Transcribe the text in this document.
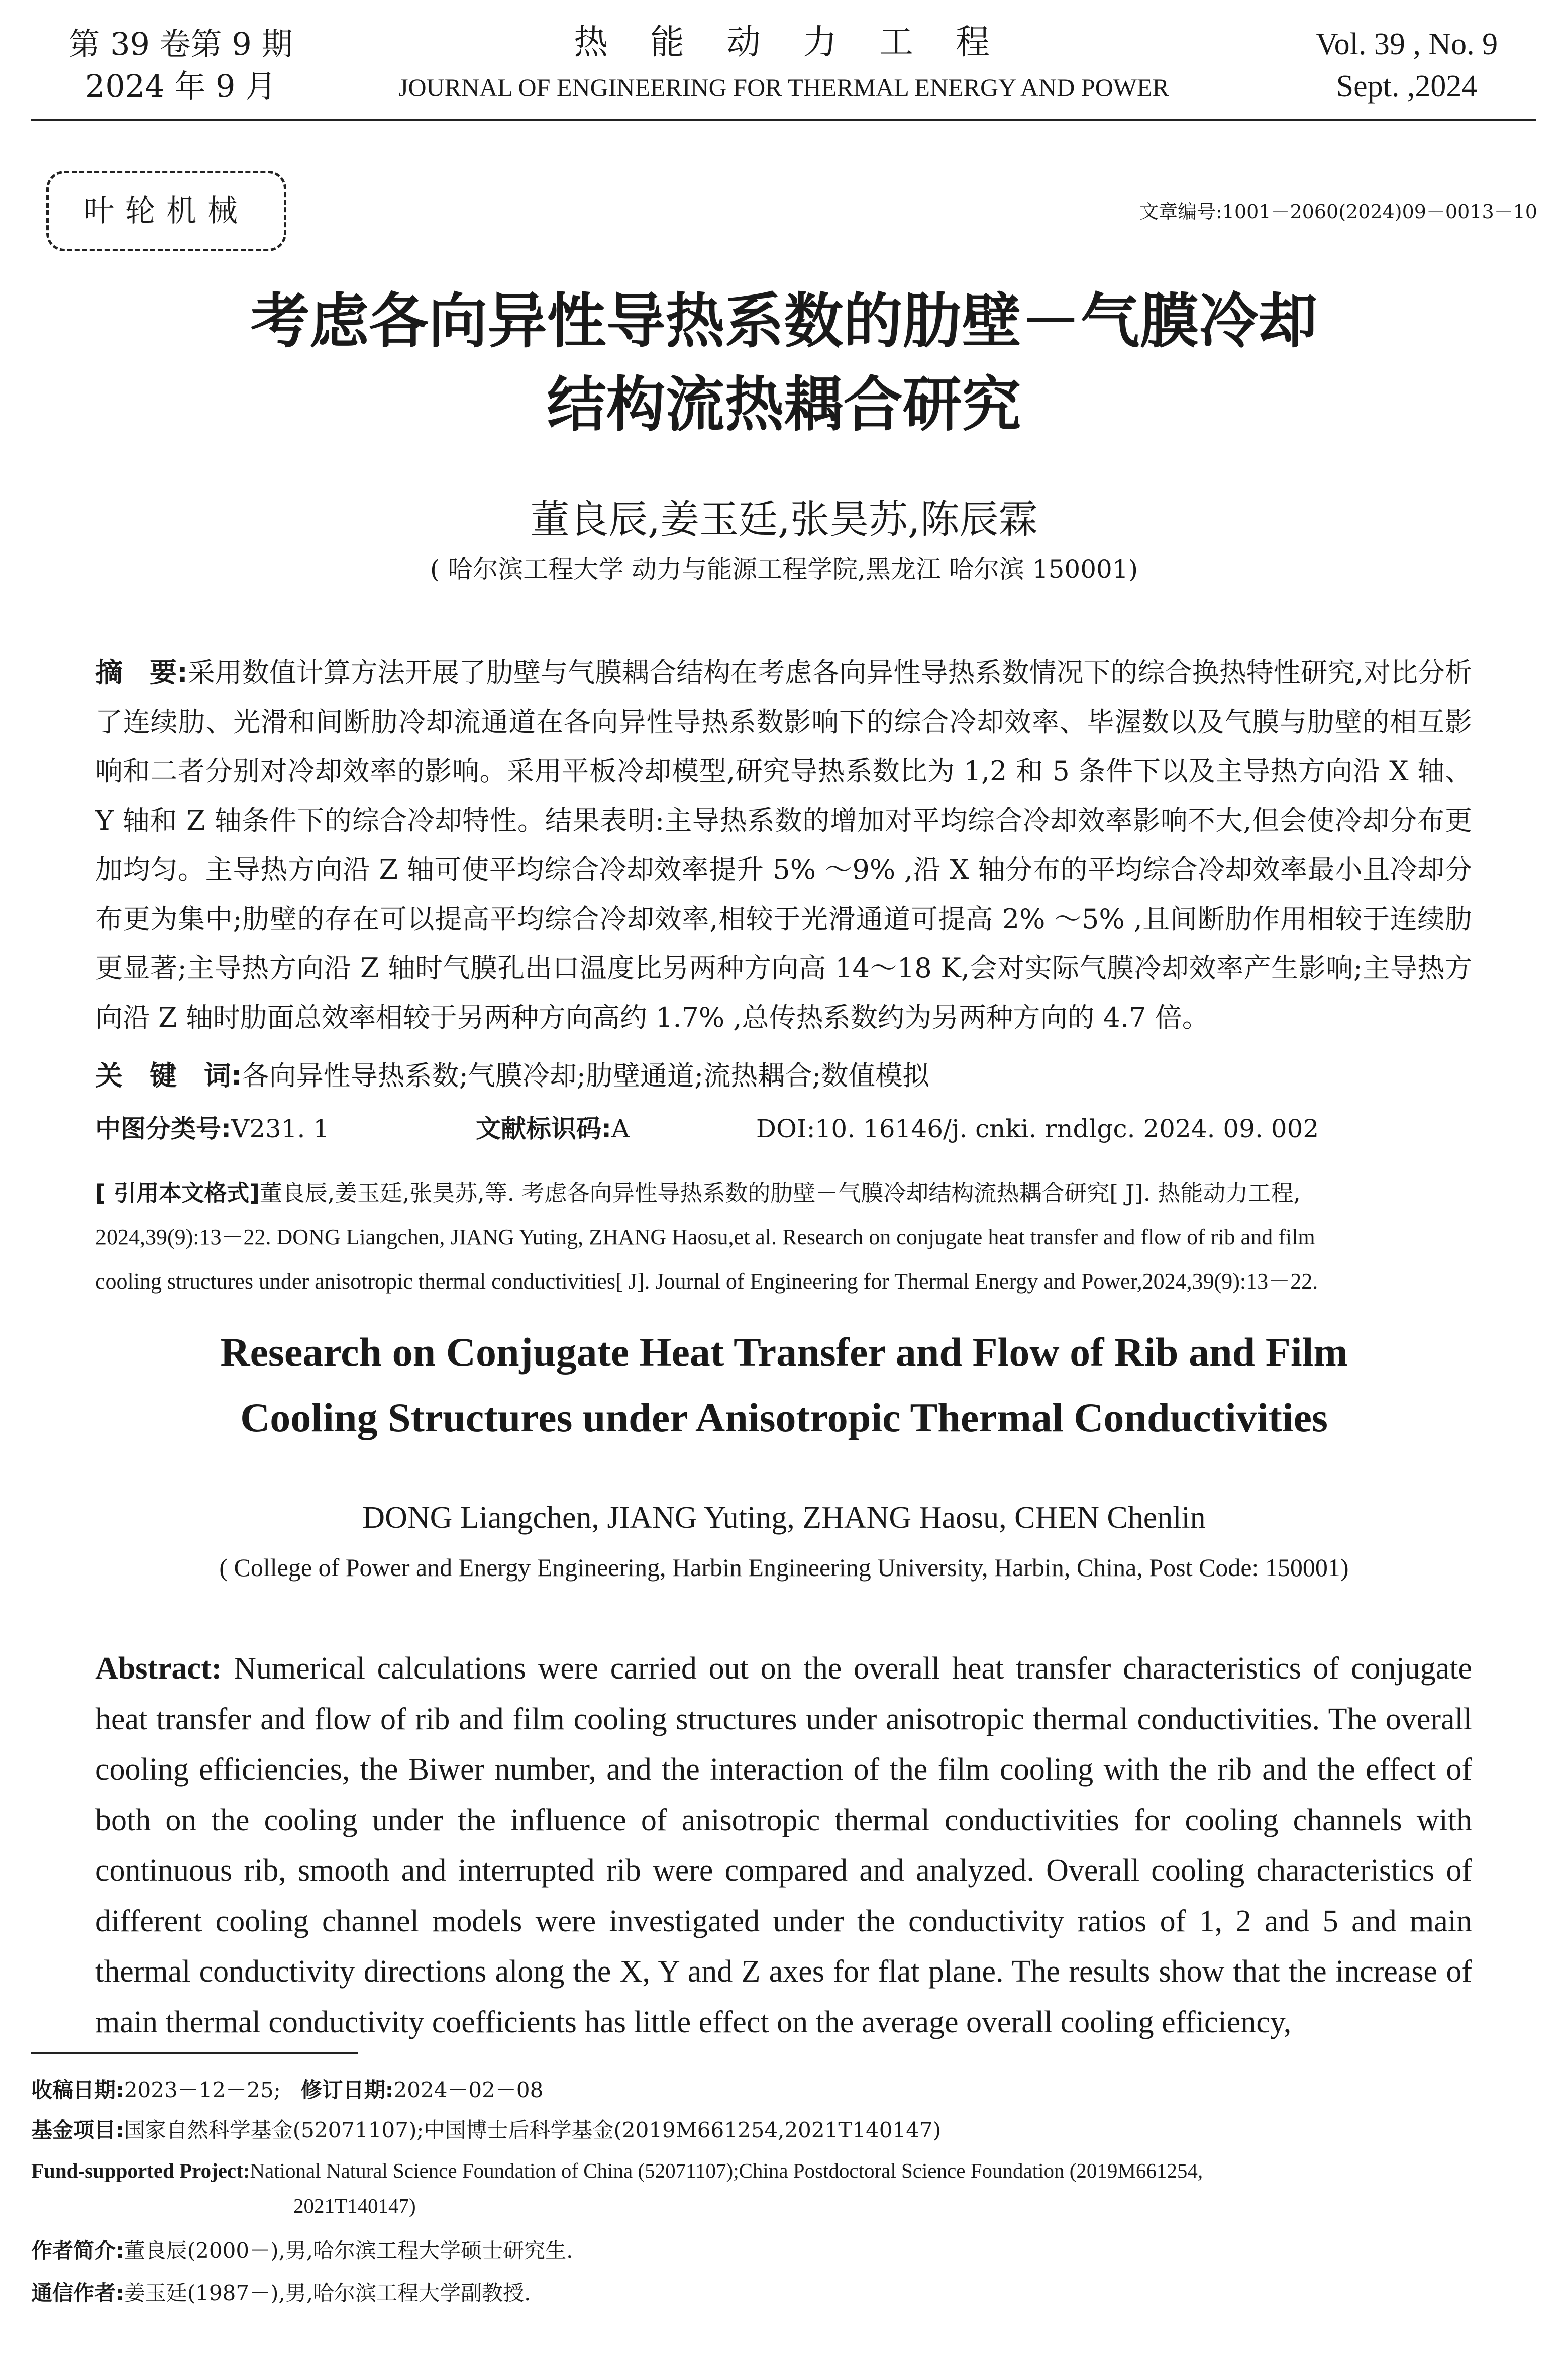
第 39 卷第 9 期
2024 年 9 月
热　能　动　力　工　程
JOURNAL OF ENGINEERING FOR THERMAL ENERGY AND POWER
Vol. 39 , No. 9
Sept. ,2024
叶轮机械	文章编号:1001－2060(2024)09－0013－10
考虑各向异性导热系数的肋壁－气膜冷却
结构流热耦合研究
董良辰,姜玉廷,张昊苏,陈辰霖
( 哈尔滨工程大学 动力与能源工程学院,黑龙江 哈尔滨 150001)
摘　要:采用数值计算方法开展了肋壁与气膜耦合结构在考虑各向异性导热系数情况下的综合换热特性研究,对比分析了连续肋、光滑和间断肋冷却流通道在各向异性导热系数影响下的综合冷却效率、毕渥数以及气膜与肋壁的相互影响和二者分别对冷却效率的影响。采用平板冷却模型,研究导热系数比为 1,2 和 5 条件下以及主导热方向沿 X 轴、Y 轴和 Z 轴条件下的综合冷却特性。结果表明:主导热系数的增加对平均综合冷却效率影响不大,但会使冷却分布更加均匀。主导热方向沿 Z 轴可使平均综合冷却效率提升 5% ～9% ,沿 X 轴分布的平均综合冷却效率最小且冷却分布更为集中;肋壁的存在可以提高平均综合冷却效率,相较于光滑通道可提高 2% ～5% ,且间断肋作用相较于连续肋更显著;主导热方向沿 Z 轴时气膜孔出口温度比另两种方向高 14～18 K,会对实际气膜冷却效率产生影响;主导热方向沿 Z 轴时肋面总效率相较于另两种方向高约 1.7% ,总传热系数约为另两种方向的 4.7 倍。
关　键　词:各向异性导热系数;气膜冷却;肋壁通道;流热耦合;数值模拟
中图分类号:V231. 1	文献标识码:A	DOI:10. 16146/j. cnki. rndlgc. 2024. 09. 002
[ 引用本文格式]董良辰,姜玉廷,张昊苏,等. 考虑各向异性导热系数的肋壁－气膜冷却结构流热耦合研究[ J]. 热能动力工程,
2024,39(9):13－22. DONG Liangchen, JIANG Yuting, ZHANG Haosu,et al. Research on conjugate heat transfer and flow of rib and film
cooling structures under anisotropic thermal conductivities[ J]. Journal of Engineering for Thermal Energy and Power,2024,39(9):13－22.
Research on Conjugate Heat Transfer and Flow of Rib and Film
Cooling Structures under Anisotropic Thermal Conductivities
DONG Liangchen, JIANG Yuting, ZHANG Haosu, CHEN Chenlin
( College of Power and Energy Engineering, Harbin Engineering University, Harbin, China, Post Code: 150001)
Abstract: Numerical calculations were carried out on the overall heat transfer characteristics of conjugate heat transfer and flow of rib and film cooling structures under anisotropic thermal conductivities. The overall cooling efficiencies, the Biwer number, and the interaction of the film cooling with the rib and the effect of both on the cooling under the influence of anisotropic thermal conductivities for cooling channels with continuous rib, smooth and interrupted rib were compared and analyzed. Overall cooling characteristics of different cooling channel models were investigated under the conductivity ratios of 1, 2 and 5 and main thermal conductivity directions along the X, Y and Z axes for flat plane. The results show that the increase of main thermal conductivity coefficients has little effect on the average overall cooling efficiency,
收稿日期:2023－12－25; 修订日期:2024－02－08
基金项目:国家自然科学基金(52071107);中国博士后科学基金(2019M661254,2021T140147)
Fund-supported Project:National Natural Science Foundation of China (52071107);China Postdoctoral Science Foundation (2019M661254,
2021T140147)
作者简介:董良辰(2000－),男,哈尔滨工程大学硕士研究生.
通信作者:姜玉廷(1987－),男,哈尔滨工程大学副教授.
